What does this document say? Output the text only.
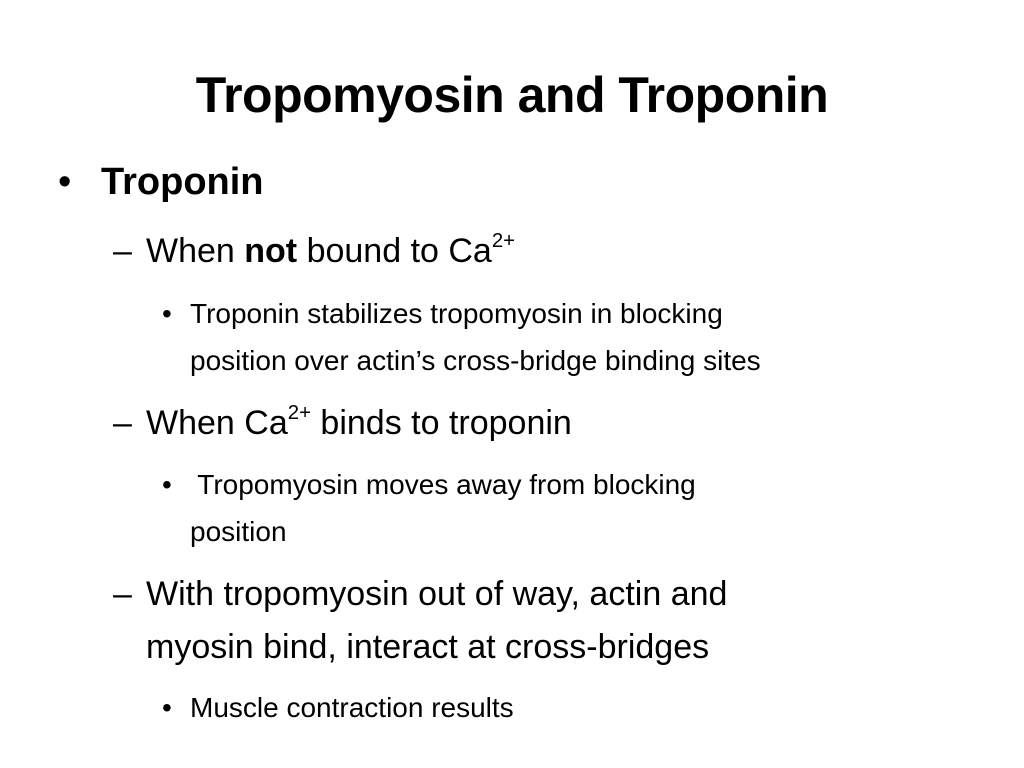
Tropomyosin and Troponin
• Troponin
– When not bound to $Ca^{2+}$
• Troponin stabilizes tropomyosin in blocking
position over actin’s cross-bridge binding sites
– When $Ca^{2+}$ binds to troponin
• Tropomyosin moves away from blocking
position
– With tropomyosin out of way, actin and
myosin bind, interact at cross-bridges
• Muscle contraction results
